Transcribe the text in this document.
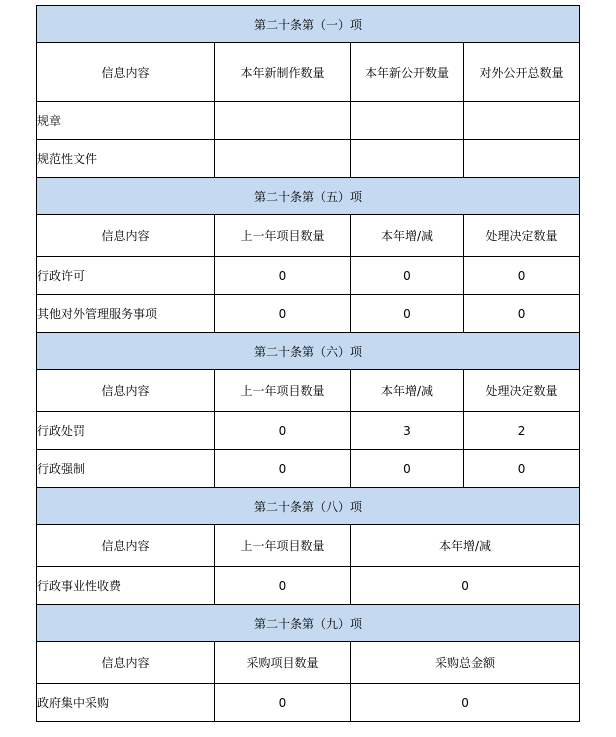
第二十条第（一）项			
信息内容	本年新制作数量	本年新公开数量	对外公开总数量
规章			
规范性文件			
第二十条第（五）项			
信息内容	上一年项目数量	本年增/减	处理决定数量
行政许可	0	0	0
其他对外管理服务事项	0	0	0
第二十条第（六）项			
信息内容	上一年项目数量	本年增/减	处理决定数量
行政处罚	0	3	2
行政强制	0	0	0
第二十条第（八）项			
信息内容	上一年项目数量	本年增/减	
行政事业性收费	0	0	
第二十条第（九）项			
信息内容	采购项目数量	采购总金额	
政府集中采购	0	0	
